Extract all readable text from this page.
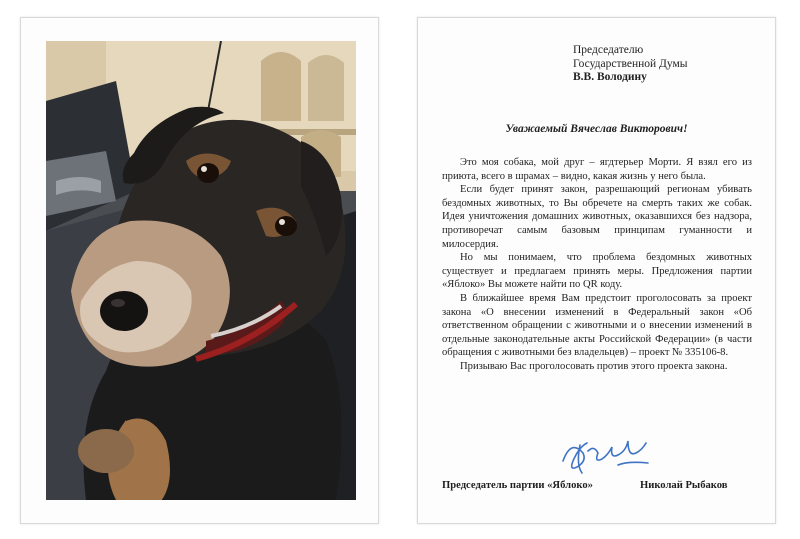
Председателю
Государственной Думы
В.В. Володину
Уважаемый Вячеслав Викторович!

Это моя собака, мой друг – ягдтерьер Морти. Я взял его из приюта, всего в шрамах – видно, какая жизнь у него была.

Если будет принят закон, разрешающий регионам убивать бездомных животных, то Вы обречете на смерть таких же собак. Идея уничтожения домашних животных, оказавшихся без надзора, противоречат самым базовым принципам гуманности и милосердия.

Но мы понимаем, что проблема бездомных животных существует и предлагаем принять меры. Предложения партии «Яблоко» Вы можете найти по QR коду.

В ближайшее время Вам предстоит проголосовать за проект закона «О внесении изменений в Федеральный закон «Об ответственном обращении с животными и о внесении изменений в отдельные законодательные акты Российской Федерации» (в части обращения с животными без владельцев) – проект № 335106-8.

Призываю Вас проголосовать против этого проекта закона.

Председатель партии «Яблоко»	Николай Рыбаков
